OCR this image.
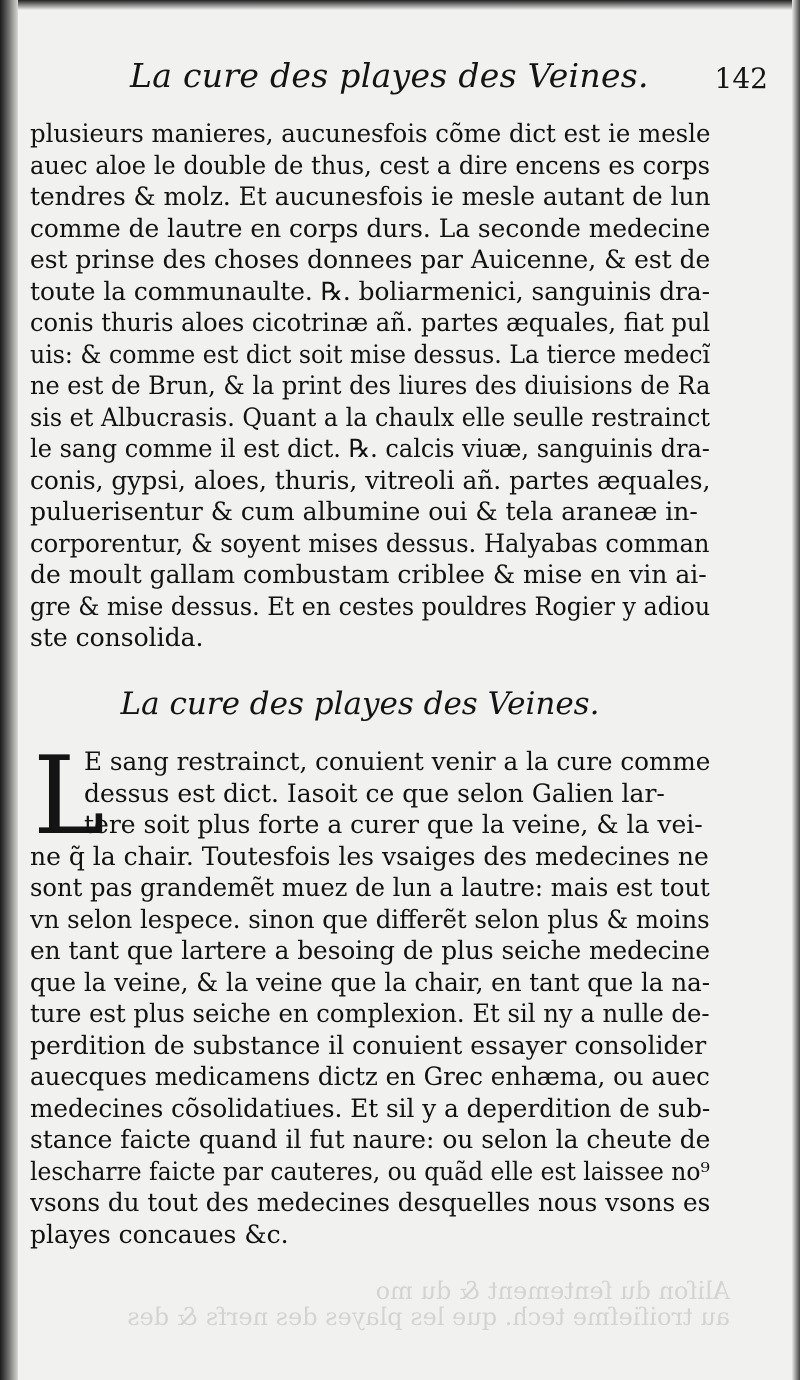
Aliſon du ſentement & du mo
au troiſieſme tech. que les playes des nerfs & des
La cure des playes des Veines. 142
plusieurs manieres, aucunesfois cõme dict est ie mesle
auec aloe le double de thus, cest a dire encens es corps
tendres & molz. Et aucunesfois ie mesle autant de lun
comme de lautre en corps durs. La seconde medecine
est prinse des choses donnees par Auicenne, & est de
toute la communaulte. ℞. boliarmenici, sanguinis dra-
conis thuris aloes cicotrinæ añ. partes æquales, fiat pul
uis: & comme est dict soit mise dessus. La tierce medecĩ
ne est de Brun, & la print des liures des diuisions de Ra
sis et Albucrasis. Quant a la chaulx elle seulle restrainct
le sang comme il est dict. ℞. calcis viuæ, sanguinis dra-
conis, gypsi, aloes, thuris, vitreoli añ. partes æquales,
puluerisentur & cum albumine oui & tela araneæ in-
corporentur, & soyent mises dessus. Halyabas comman
de moult gallam combustam criblee & mise en vin ai-
gre & mise dessus. Et en cestes pouldres Rogier y adiou
ste consolida.
La cure des playes des Veines.
L
E sang restrainct, conuient venir a la cure comme
dessus est dict. Iasoit ce que selon Galien lar-
tere soit plus forte a curer que la veine, & la vei-
ne q̃ la chair. Toutesfois les vsaiges des medecines ne
sont pas grandemẽt muez de lun a lautre: mais est tout
vn selon lespece. sinon que differẽt selon plus & moins
en tant que lartere a besoing de plus seiche medecine
que la veine, & la veine que la chair, en tant que la na-
ture est plus seiche en complexion. Et sil ny a nulle de-
perdition de substance il conuient essayer consolider
auecques medicamens dictz en Grec enhæma, ou auec
medecines cõsolidatiues. Et sil y a deperdition de sub-
stance faicte quand il fut naure: ou selon la cheute de
lescharre faicte par cauteres, ou quãd elle est laissee no⁹
vsons du tout des medecines desquelles nous vsons es
playes concaues &c.
